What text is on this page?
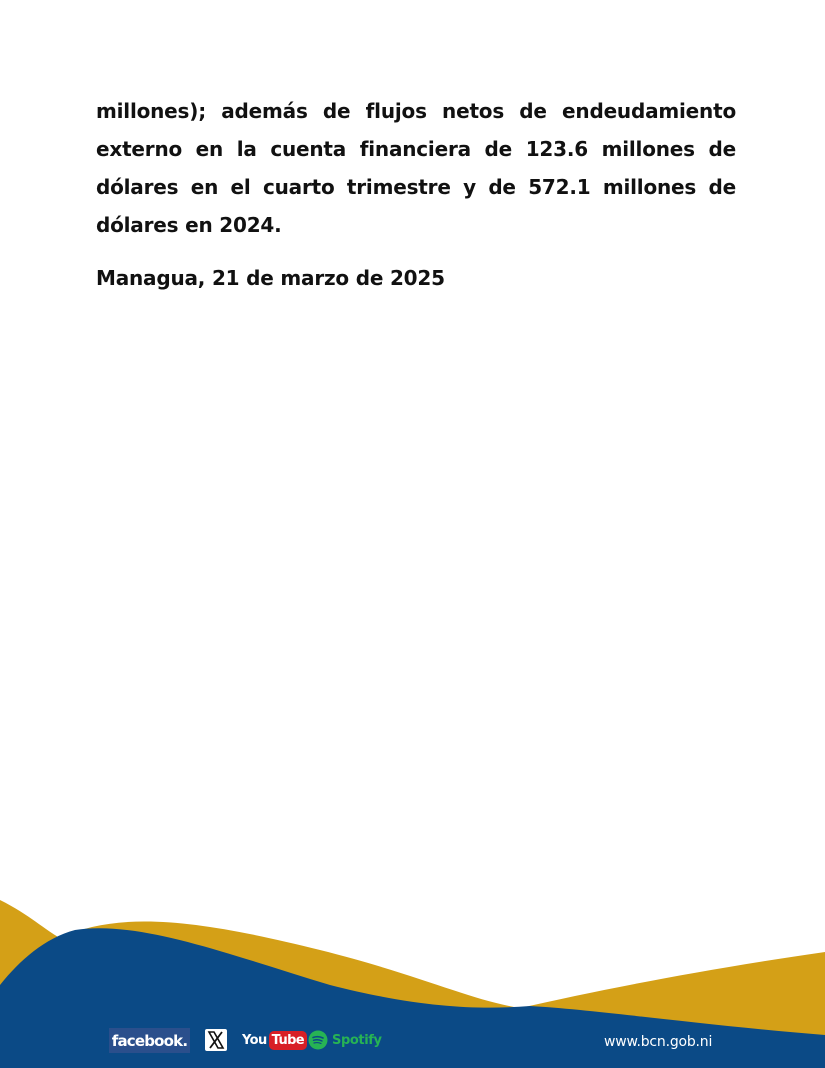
millones); además de flujos netos de endeudamiento externo en la cuenta financiera de 123.6 millones de dólares en el cuarto trimestre y de 572.1 millones de dólares en 2024.

Managua, 21 de marzo de 2025
facebook.	You Tube Spotify	www.bcn.gob.ni
